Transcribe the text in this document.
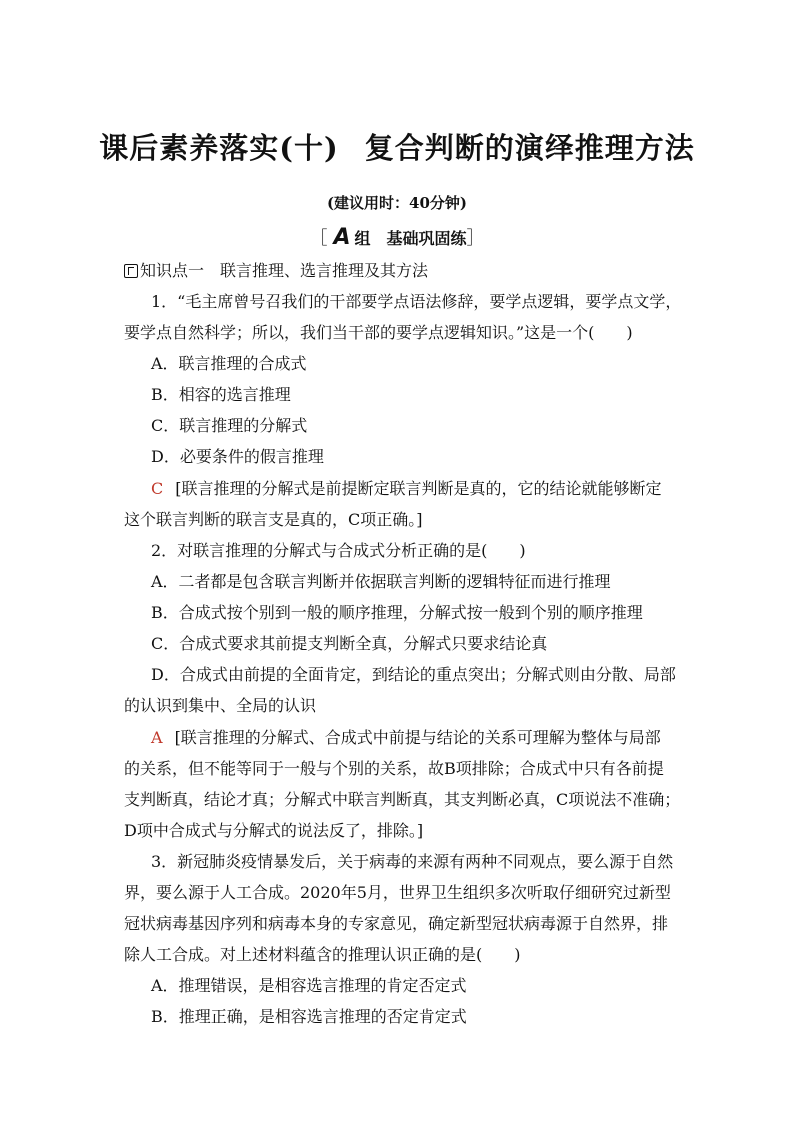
课后素养落实(十) 复合判断的演绎推理方法
(建议用时：40分钟)
［ A 组 基础巩固练］
知识点一　联言推理、选言推理及其方法
1．“毛主席曾号召我们的干部要学点语法修辞，要学点逻辑，要学点文学，
要学点自然科学；所以，我们当干部的要学点逻辑知识。”这是一个(　　)
A．联言推理的合成式
B．相容的选言推理
C．联言推理的分解式
D．必要条件的假言推理
C [联言推理的分解式是前提断定联言判断是真的，它的结论就能够断定
这个联言判断的联言支是真的，C项正确。]
2．对联言推理的分解式与合成式分析正确的是(　　)
A．二者都是包含联言判断并依据联言判断的逻辑特征而进行推理
B．合成式按个别到一般的顺序推理，分解式按一般到个别的顺序推理
C．合成式要求其前提支判断全真，分解式只要求结论真
D．合成式由前提的全面肯定，到结论的重点突出；分解式则由分散、局部
的认识到集中、全局的认识
A [联言推理的分解式、合成式中前提与结论的关系可理解为整体与局部
的关系，但不能等同于一般与个别的关系，故B项排除；合成式中只有各前提
支判断真，结论才真；分解式中联言判断真，其支判断必真，C项说法不准确；
D项中合成式与分解式的说法反了，排除。]
3．新冠肺炎疫情暴发后，关于病毒的来源有两种不同观点，要么源于自然
界，要么源于人工合成。2020年5月，世界卫生组织多次听取仔细研究过新型
冠状病毒基因序列和病毒本身的专家意见，确定新型冠状病毒源于自然界，排
除人工合成。对上述材料蕴含的推理认识正确的是(　　)
A．推理错误，是相容选言推理的肯定否定式
B．推理正确，是相容选言推理的否定肯定式
